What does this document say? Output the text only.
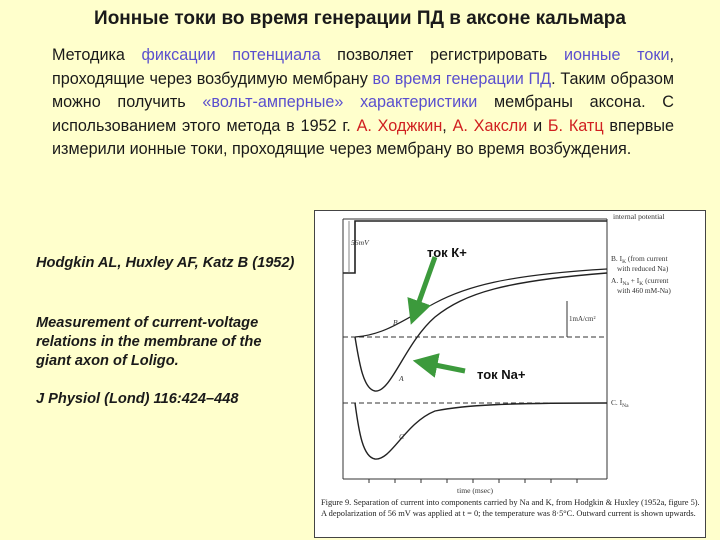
Ионные токи во время генерации ПД в аксоне кальмара
Методика фиксации потенциала позволяет регистрировать ионные токи, проходящие через возбудимую мембрану во время генерации ПД. Таким образом можно получить «вольт-амперные» характеристики мембраны аксона. С использованием этого метода в 1952 г. А. Ходжкин, А. Хаксли и Б. Катц впервые измерили ионные токи, проходящие через мембрану во время возбуждения.
Hodgkin AL, Huxley AF, Katz B (1952)
Measurement of current-voltage relations in the membrane of the giant axon of Loligo.
J Physiol (Lond) 116:424–448
internal potential
56mV
1mA/cm²
ток К+
ток Na+
B
A
C
B. $I_K$ (from current
with reduced Na)
A. $I_{Na} + I_K$ (current
with 460 mM-Na)
C. $I_{Na}$
time (msec)
Figure 9. Separation of current into components carried by Na and K, from Hodgkin & Huxley (1952a, figure 5). A depolarization of 56 mV was applied at t = 0; the temperature was 8·5°C. Outward current is shown upwards.
